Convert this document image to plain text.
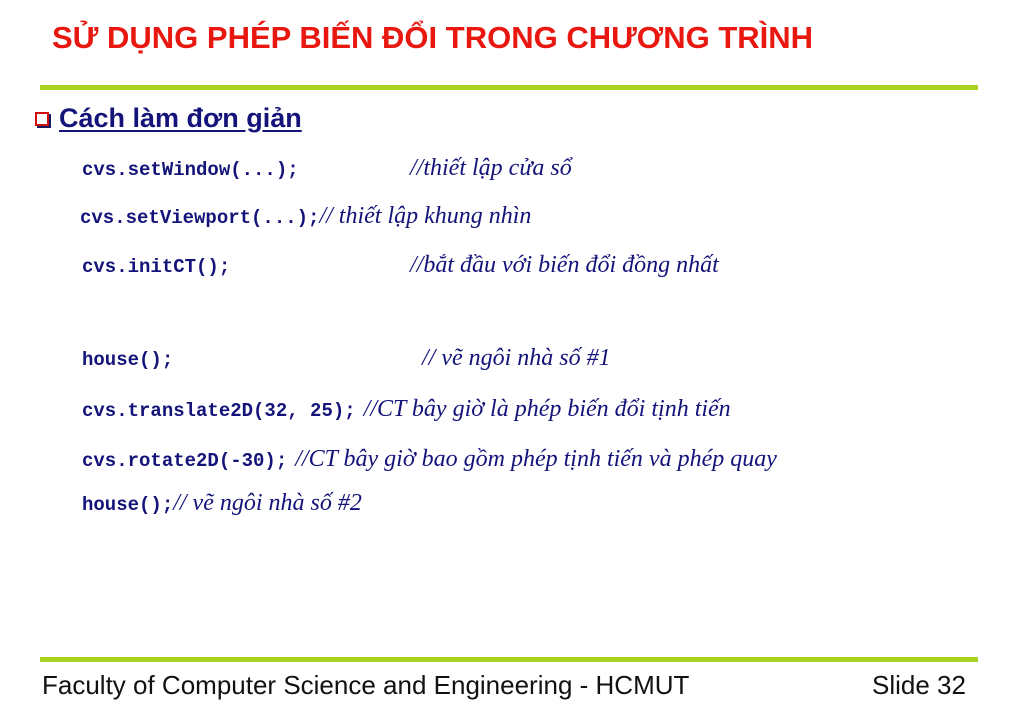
SỬ DỤNG PHÉP BIẾN ĐỔI TRONG CHƯƠNG TRÌNH
Cách làm đơn giản
cvs.setWindow(...);	//thiết lập cửa sổ
cvs.setViewport(...); // thiết lập khung nhìn
cvs.initCT();	//bắt đầu với biến đổi đồng nhất
house();	// vẽ ngôi nhà số #1
cvs.translate2D(32, 25); //CT bây giờ là phép biến đổi tịnh tiến
cvs.rotate2D(-30); //CT bây giờ bao gồm phép tịnh tiến và phép quay
house(); // vẽ ngôi nhà số #2
Faculty of Computer Science and Engineering - HCMUT	Slide 32
